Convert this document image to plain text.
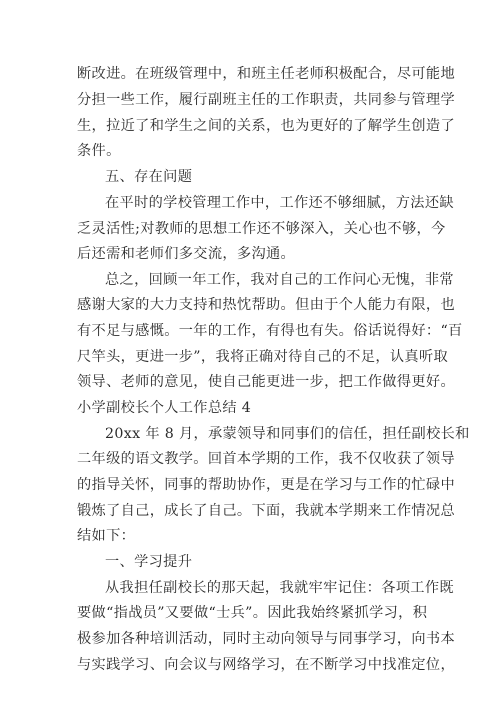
断改进。在班级管理中，和班主任老师积极配合，尽可能地
分担一些工作，履行副班主任的工作职责，共同参与管理学
生，拉近了和学生之间的关系，也为更好的了解学生创造了
条件。
五、存在问题
在平时的学校管理工作中，工作还不够细腻，方法还缺
乏灵活性;对教师的思想工作还不够深入，关心也不够，今
后还需和老师们多交流，多沟通。
总之，回顾一年工作，我对自己的工作问心无愧，非常
感谢大家的大力支持和热忱帮助。但由于个人能力有限，也
有不足与感慨。一年的工作，有得也有失。俗话说得好：“百
尺竿头，更进一步”，我将正确对待自己的不足，认真听取
领导、老师的意见，使自己能更进一步，把工作做得更好。
小学副校长个人工作总结 4
20xx 年 8 月，承蒙领导和同事们的信任，担任副校长和
二年级的语文教学。回首本学期的工作，我不仅收获了领导
的指导关怀，同事的帮助协作，更是在学习与工作的忙碌中
锻炼了自己，成长了自己。下面，我就本学期来工作情况总
结如下：
一、学习提升
从我担任副校长的那天起，我就牢牢记住：各项工作既
要做“指战员”又要做“士兵”。因此我始终紧抓学习，积
极参加各种培训活动，同时主动向领导与同事学习，向书本
与实践学习、向会议与网络学习，在不断学习中找准定位，
